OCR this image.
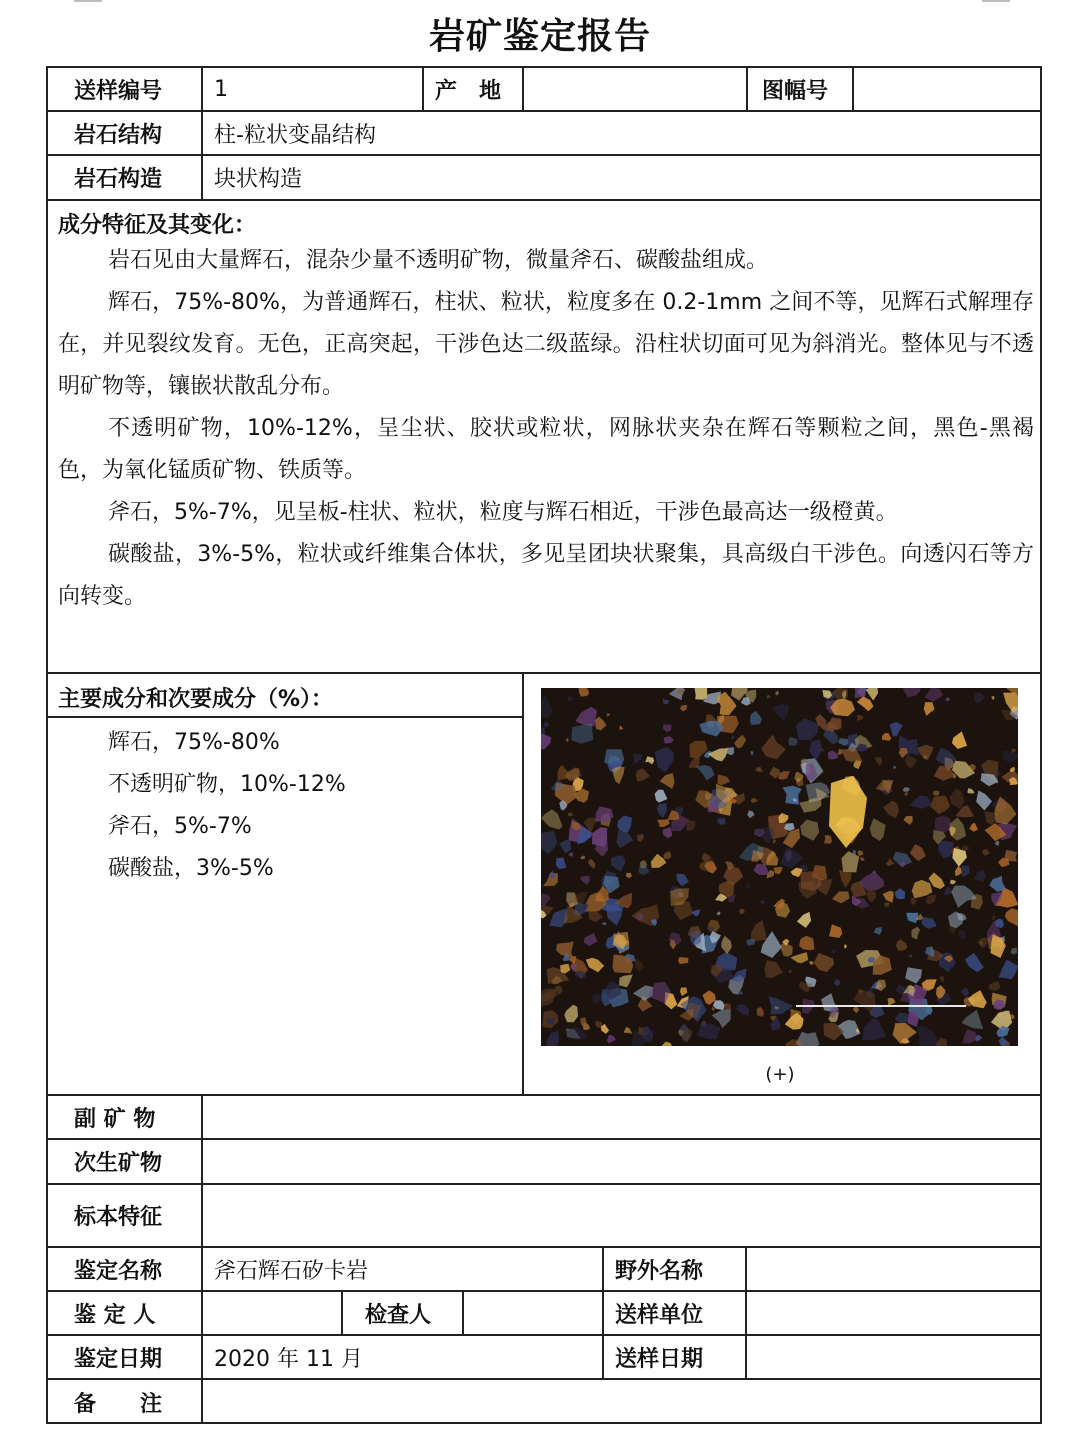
岩矿鉴定报告
送样编号 1	产　地	图幅号
岩石结构 柱-粒状变晶结构
岩石构造 块状构造
成分特征及其变化：
岩石见由大量辉石，混杂少量不透明矿物，微量斧石、碳酸盐组成。
辉石，75%-80%，为普通辉石，柱状、粒状，粒度多在 0.2-1mm 之间不等，见辉石式解理存在，并见裂纹发育。无色，正高突起，干涉色达二级蓝绿。沿柱状切面可见为斜消光。整体见与不透明矿物等，镶嵌状散乱分布。
不透明矿物，10%-12%，呈尘状、胶状或粒状，网脉状夹杂在辉石等颗粒之间，黑色-黑褐色，为氧化锰质矿物、铁质等。
斧石，5%-7%，见呈板-柱状、粒状，粒度与辉石相近，干涉色最高达一级橙黄。
碳酸盐，3%-5%，粒状或纤维集合体状，多见呈团块状聚集，具高级白干涉色。向透闪石等方向转变。
主要成分和次要成分（%）：
辉石，75%-80%
不透明矿物，10%-12%
斧石，5%-7%
碳酸盐，3%-5%
(+)
副 矿 物
次生矿物
标本特征
鉴定名称 斧石辉石矽卡岩	野外名称
鉴 定 人	检查人	送样单位
鉴定日期 2020 年 11 月	送样日期
备　　注
